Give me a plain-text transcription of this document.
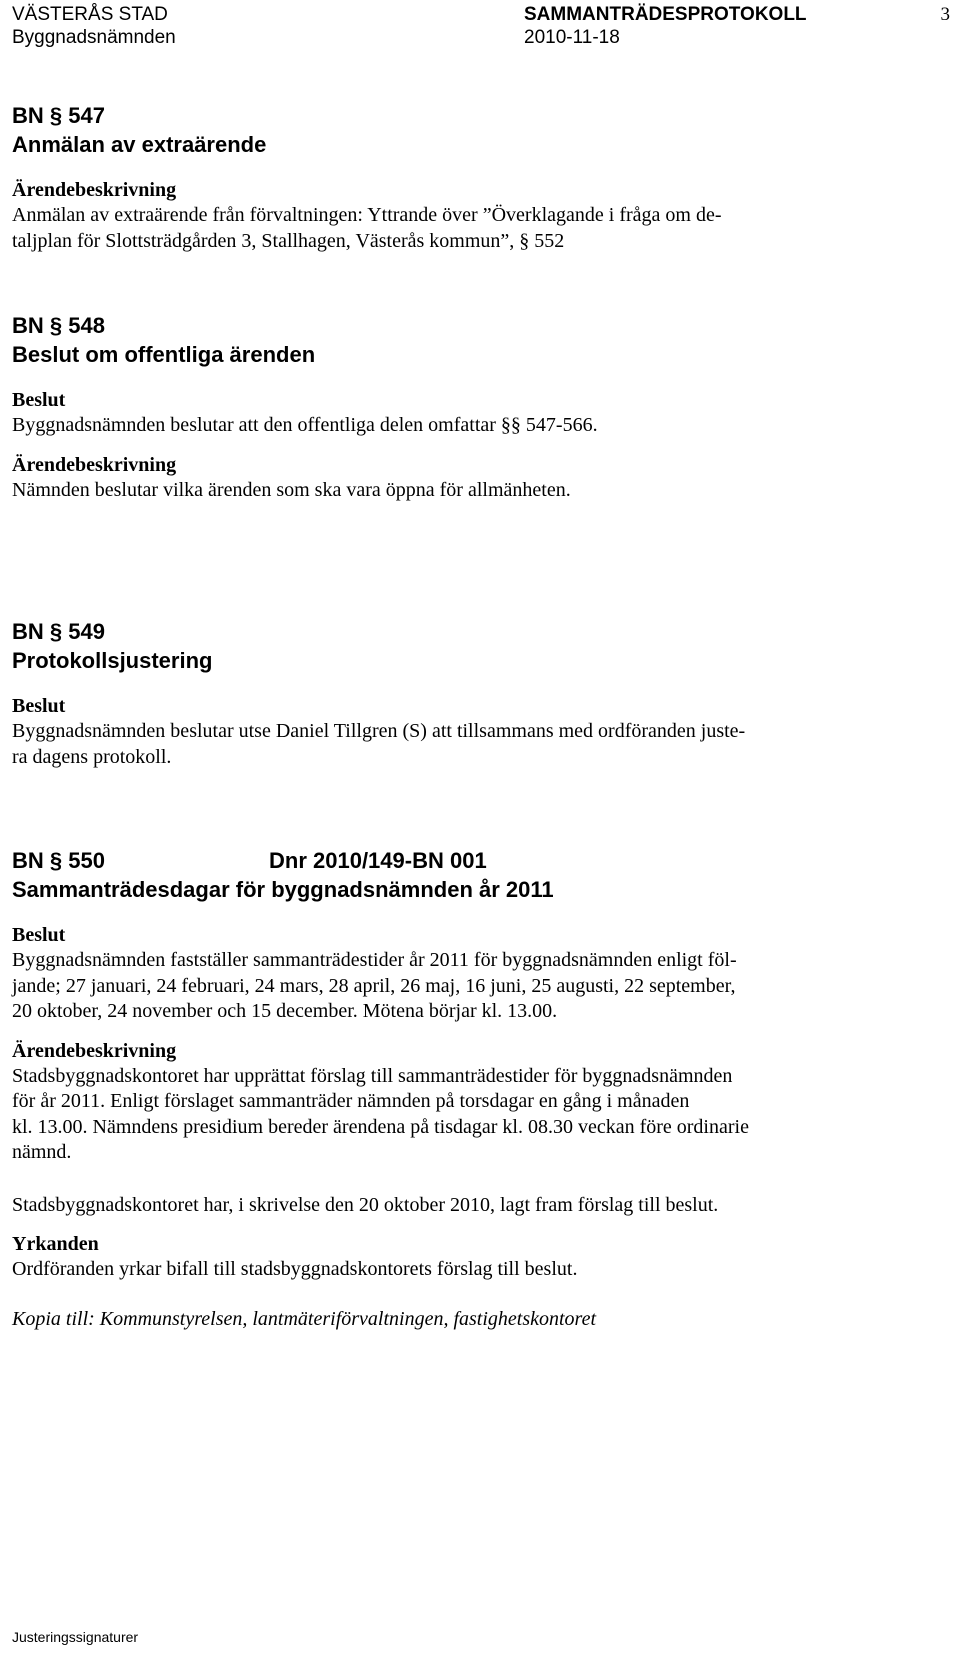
VÄSTERÅS STAD
Byggnadsnämnden
SAMMANTRÄDESPROTOKOLL
2010-11-18
3
BN § 547
Anmälan av extraärende
Ärendebeskrivning

Anmälan av extraärende från förvaltningen: Yttrande över ”Överklagande i fråga om de-

taljplan för Slottsträdgården 3, Stallhagen, Västerås kommun”, § 552

BN § 548
Beslut om offentliga ärenden
Beslut

Byggnadsnämnden beslutar att den offentliga delen omfattar §§ 547-566.

Ärendebeskrivning

Nämnden beslutar vilka ärenden som ska vara öppna för allmänheten.

BN § 549
Protokollsjustering
Beslut

Byggnadsnämnden beslutar utse Daniel Tillgren (S) att tillsammans med ordföranden juste-

ra dagens protokoll.

BN § 550	Dnr 2010/149-BN 001
Sammanträdesdagar för byggnadsnämnden år 2011
Beslut

Byggnadsnämnden fastställer sammanträdestider år 2011 för byggnadsnämnden enligt föl-

jande; 27 januari, 24 februari, 24 mars, 28 april, 26 maj, 16 juni, 25 augusti, 22 september,

20 oktober, 24 november och 15 december. Mötena börjar kl. 13.00.

Ärendebeskrivning

Stadsbyggnadskontoret har upprättat förslag till sammanträdestider för byggnadsnämnden

för år 2011. Enligt förslaget sammanträder nämnden på torsdagar en gång i månaden

kl. 13.00. Nämndens presidium bereder ärendena på tisdagar kl. 08.30 veckan före ordinarie

nämnd.

Stadsbyggnadskontoret har, i skrivelse den 20 oktober 2010, lagt fram förslag till beslut.

Yrkanden

Ordföranden yrkar bifall till stadsbyggnadskontorets förslag till beslut.

Kopia till: Kommunstyrelsen, lantmäteriförvaltningen, fastighetskontoret

Justeringssignaturer
